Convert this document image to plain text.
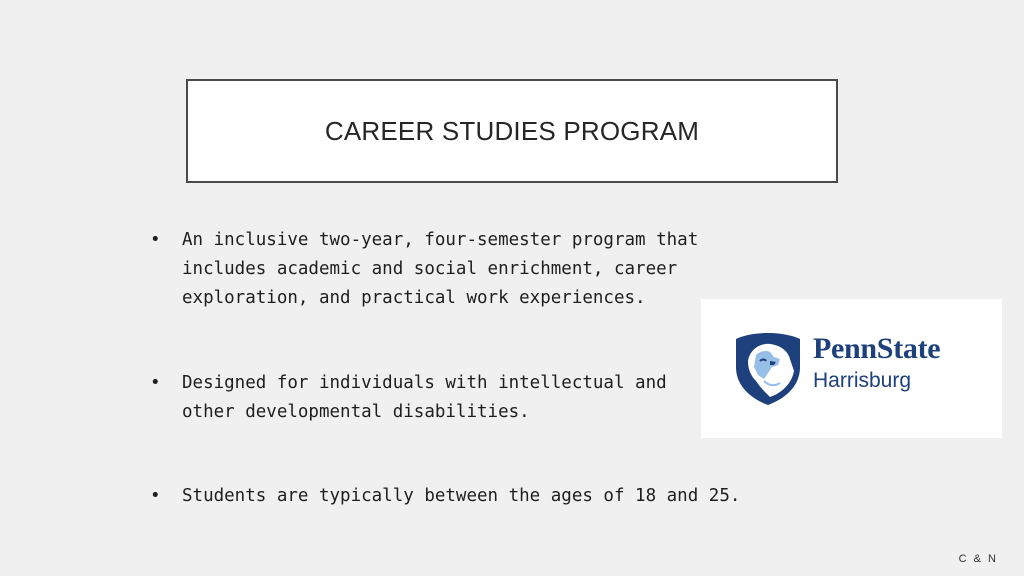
CAREER STUDIES PROGRAM
• An inclusive two-year, four-semester program that includes academic and social enrichment, career exploration, and practical work experiences.
• Designed for individuals with intellectual and other developmental disabilities.
• Students are typically between the ages of 18 and 25.
PennState
Harrisburg
C & N
